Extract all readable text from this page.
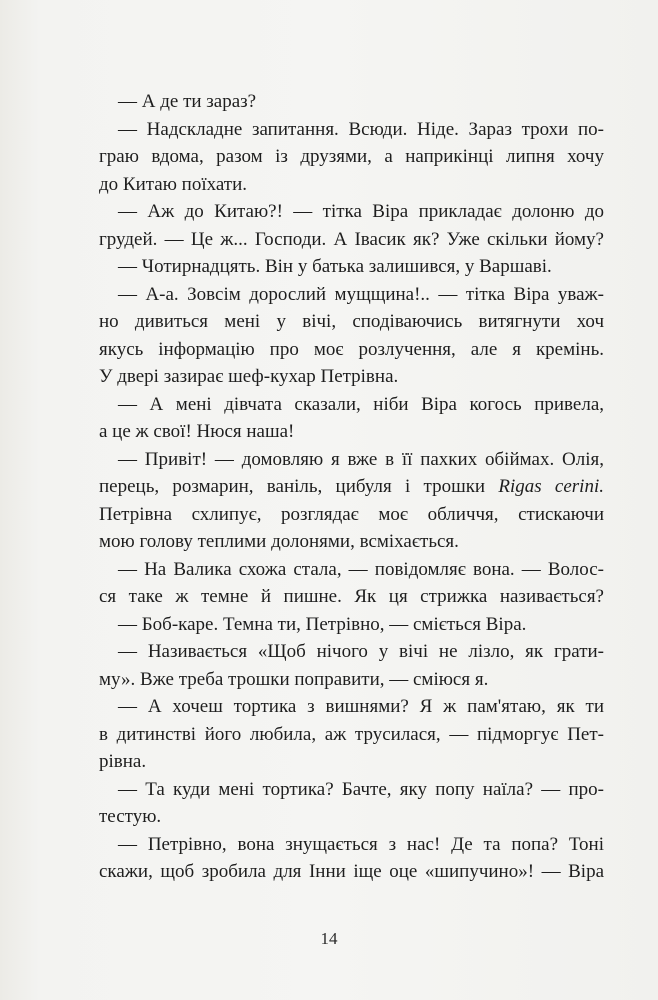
— А де ти зараз?
— Надскладне запитання. Всюди. Ніде. Зараз трохи по-
граю вдома, разом із друзями, а наприкінці липня хочу
до Китаю поїхати.
— Аж до Китаю?! — тітка Віра прикладає долоню до
грудей. — Це ж... Господи. А Івасик як? Уже скільки йому?
— Чотирнадцять. Він у батька залишився, у Варшаві.
— А-а. Зовсім дорослий мущщина!.. — тітка Віра уваж-
но дивиться мені у вічі, сподіваючись витягнути хоч
якусь інформацію про моє розлучення, але я кремінь.
У двері зазирає шеф-кухар Петрівна.
— А мені дівчата сказали, ніби Віра когось привела,
а це ж свої! Нюся наша!
— Привіт! — домовляю я вже в її пахких обіймах. Олія,
перець, розмарин, ваніль, цибуля і трошки Rigas cerini.
Петрівна схлипує, розглядає моє обличчя, стискаючи
мою голову теплими долонями, всміхається.
— На Валика схожа стала, — повідомляє вона. — Волос-
ся таке ж темне й пишне. Як ця стрижка називається?
— Боб-каре. Темна ти, Петрівно, — сміється Віра.
— Називається «Щоб нічого у вічі не лізло, як грати-
му». Вже треба трошки поправити, — сміюся я.
— А хочеш тортика з вишнями? Я ж пам'ятаю, як ти
в дитинстві його любила, аж трусилася, — підморгує Пет-
рівна.
— Та куди мені тортика? Бачте, яку попу наїла? — про-
тестую.
— Петрівно, вона знущається з нас! Де та попа? Тоні
скажи, щоб зробила для Інни іще оце «шипучино»! — Віра
14
